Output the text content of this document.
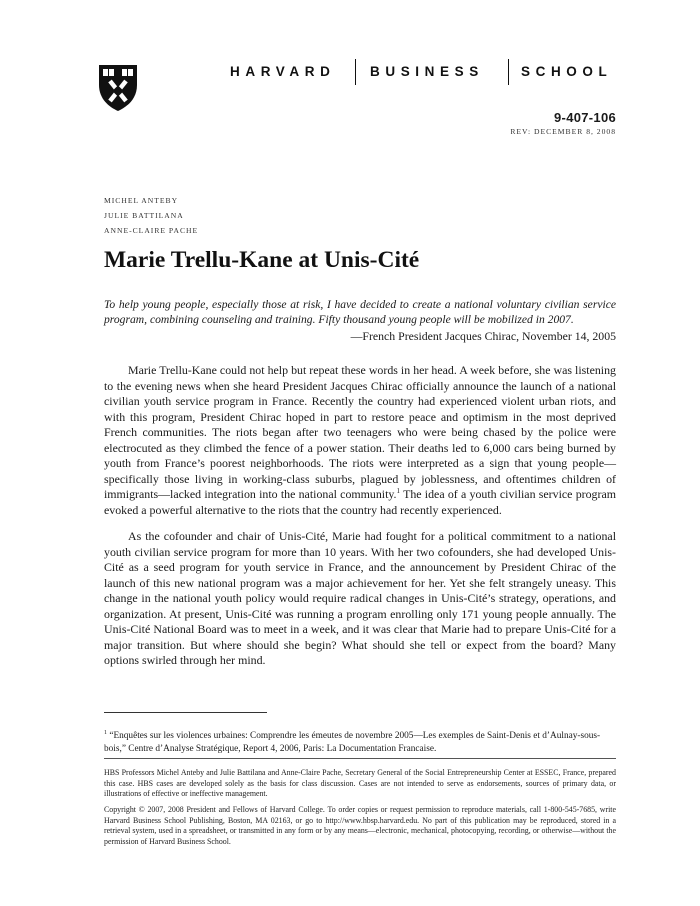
HARVARD	BUSINESS	SCHOOL
9-407-106
REV: DECEMBER 8, 2008
MICHEL ANTEBY
JULIE BATTILANA
ANNE-CLAIRE PACHE
Marie Trellu-Kane at Unis-Cité
To help young people, especially those at risk, I have decided to create a national voluntary civilian service program, combining counseling and training. Fifty thousand young people will be mobilized in 2007.
—French President Jacques Chirac, November 14, 2005
Marie Trellu-Kane could not help but repeat these words in her head. A week before, she was listening to the evening news when she heard President Jacques Chirac officially announce the launch of a national civilian youth service program in France. Recently the country had experienced violent urban riots, and with this program, President Chirac hoped in part to restore peace and optimism in the most deprived French communities. The riots began after two teenagers who were being chased by the police were electrocuted as they climbed the fence of a power station. Their deaths led to 6,000 cars being burned by youth from France’s poorest neighborhoods. The riots were interpreted as a sign that young people—specifically those living in working-class suburbs, plagued by joblessness, and oftentimes children of immigrants—lacked integration into the national community.$^1$ The idea of a youth civilian service program evoked a powerful alternative to the riots that the country had recently experienced.
As the cofounder and chair of Unis-Cité, Marie had fought for a political commitment to a national youth civilian service program for more than 10 years. With her two cofounders, she had developed Unis-Cité as a seed program for youth service in France, and the announcement by President Chirac of the launch of this new national program was a major achievement for her. Yet she felt strangely uneasy. This change in the national youth policy would require radical changes in Unis-Cité’s strategy, operations, and organization. At present, Unis-Cité was running a program enrolling only 171 young people annually. The Unis-Cité National Board was to meet in a week, and it was clear that Marie had to prepare Unis-Cité for a major transition. But where should she begin? What should she tell or expect from the board? Many options swirled through her mind.
$^1$ “Enquêtes sur les violences urbaines: Comprendre les émeutes de novembre 2005—Les exemples de Saint-Denis et d’Aulnay-sous-bois,” Centre d’Analyse Stratégique, Report 4, 2006, Paris: La Documentation Francaise.
HBS Professors Michel Anteby and Julie Battilana and Anne-Claire Pache, Secretary General of the Social Entrepreneurship Center at ESSEC, France, prepared this case. HBS cases are developed solely as the basis for class discussion. Cases are not intended to serve as endorsements, sources of primary data, or illustrations of effective or ineffective management.
Copyright © 2007, 2008 President and Fellows of Harvard College. To order copies or request permission to reproduce materials, call 1-800-545-7685, write Harvard Business School Publishing, Boston, MA 02163, or go to http://www.hbsp.harvard.edu. No part of this publication may be reproduced, stored in a retrieval system, used in a spreadsheet, or transmitted in any form or by any means—electronic, mechanical, photocopying, recording, or otherwise—without the permission of Harvard Business School.
